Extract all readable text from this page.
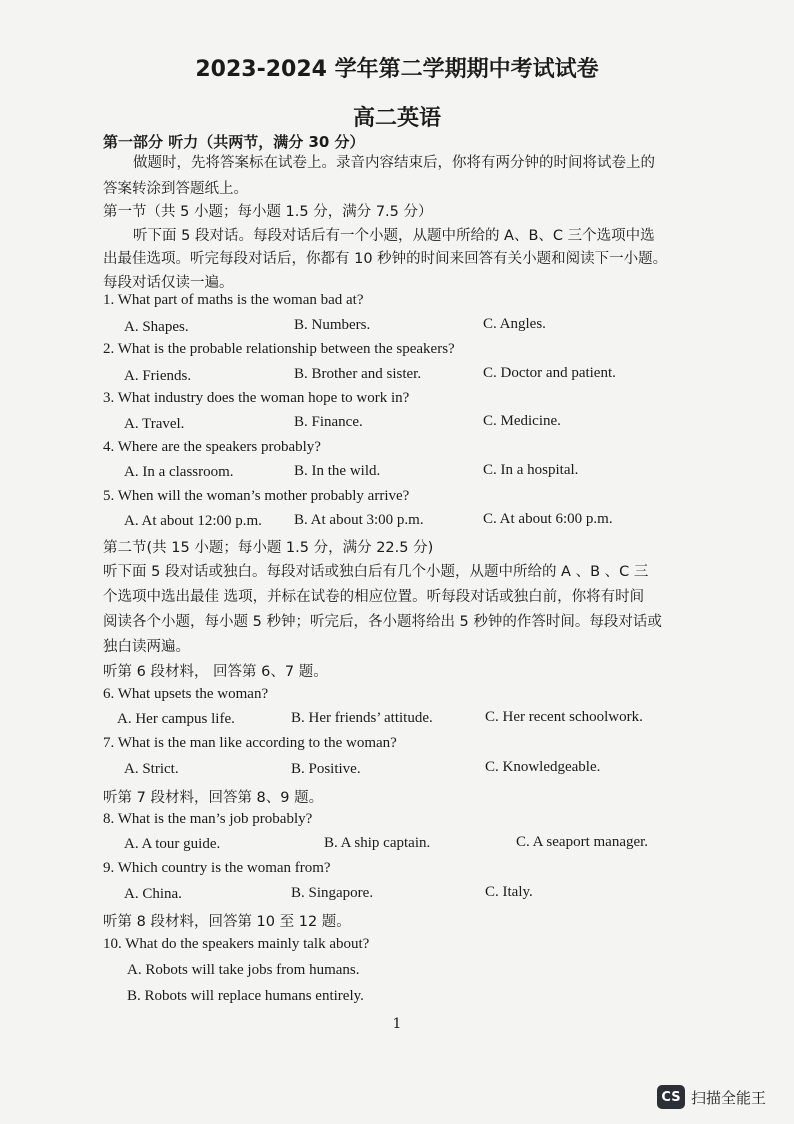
2023-2024 学年第二学期期中考试试卷
高二英语
第一部分 听力（共两节，满分 30 分）
做题时，先将答案标在试卷上。录音内容结束后，你将有两分钟的时间将试卷上的
答案转涂到答题纸上。
第一节（共 5 小题；每小题 1.5 分，满分 7.5 分）
听下面 5 段对话。每段对话后有一个小题，从题中所给的 A、B、C 三个选项中选
出最佳选项。听完每段对话后，你都有 10 秒钟的时间来回答有关小题和阅读下一小题。
每段对话仅读一遍。
1. What part of maths is the woman bad at?
A. Shapes.	B. Numbers.	C. Angles.
2. What is the probable relationship between the speakers?
A. Friends.	B. Brother and sister.	C. Doctor and patient.
3. What industry does the woman hope to work in?
A. Travel.	B. Finance.	C. Medicine.
4. Where are the speakers probably?
A. In a classroom.	B. In the wild.	C. In a hospital.
5. When will the woman’s mother probably arrive?
A. At about 12:00 p.m. B. At about 3:00 p.m.	C. At about 6:00 p.m.
第二节(共 15 小题；每小题 1.5 分，满分 22.5 分)
听下面 5 段对话或独白。每段对话或独白后有几个小题，从题中所给的 A 、B 、C 三
个选项中选出最佳 选项，并标在试卷的相应位置。听每段对话或独白前，你将有时间
阅读各个小题，每小题 5 秒钟；听完后，各小题将给出 5 秒钟的作答时间。每段对话或
独白读两遍。
听第 6 段材料， 回答第 6、7 题。
6. What upsets the woman?
A. Her campus life.	B. Her friends’ attitude.	C. Her recent schoolwork.
7. What is the man like according to the woman?
A. Strict.	B. Positive.	C. Knowledgeable.
听第 7 段材料，回答第 8、9 题。
8. What is the man’s job probably?
A. A tour guide.	B. A ship captain.	C. A seaport manager.
9. Which country is the woman from?
A. China.	B. Singapore.	C. Italy.
听第 8 段材料，回答第 10 至 12 题。
10. What do the speakers mainly talk about?
A. Robots will take jobs from humans.
B. Robots will replace humans entirely.
1
CS 扫描全能王
